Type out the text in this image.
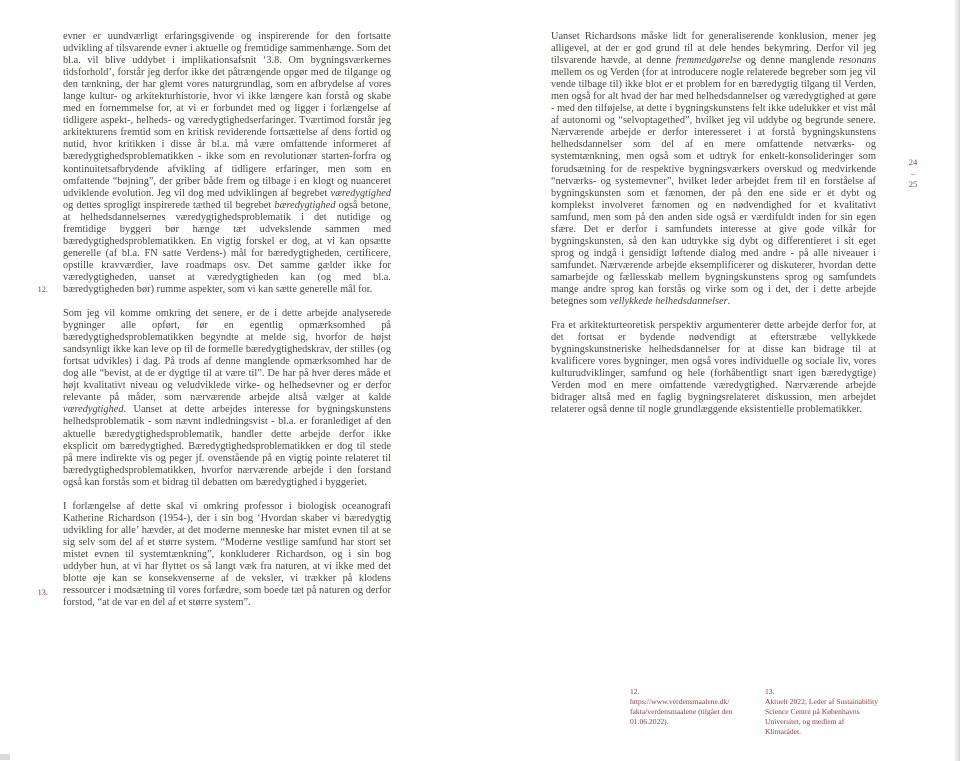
12.
13.
evner er uundværligt erfaringsgivende og inspirerende for den fortsatte udvikling af tilsvarende evner i aktuelle og fremtidige sammenhænge. Som det bl.a. vil blive uddybet i implikationsafsnit ‘3.8. Om bygningsværkernes tidsforhold’, forstår jeg derfor ikke det påtrængende opgør med de tilgange og den tænkning, der har glemt vores naturgrundlag, som en afbrydelse af vores lange kultur- og arkitekturhistorie, hvor vi ikke længere kan forstå og skabe med en fornemmelse for, at vi er forbundet med og ligger i forlængelse af tidligere aspekt-, helheds- og væredygtighedserfaringer. Tværtimod forstår jeg arkitekturens fremtid som en kritisk reviderende fortsættelse af dens fortid og nutid, hvor kritikken i disse år bl.a. må være omfattende informeret af bæredygtighedsproblematikken - ikke som en revolutionær starten-forfra og kontinuitetsafbrydende afvikling af tidligere erfaringer, men som en omfattende “bøjning”, der griber både frem og tilbage i en klogt og nuanceret udviklende evolution. Jeg vil dog med udviklingen af begrebet væredygtighed og dettes sprogligt inspirerede tæthed til begrebet bæredygtighed også betone, at helhedsdannelsernes væredygtighedsproblematik i det nutidige og fremtidige byggeri bør hænge tæt udvekslende sammen med bæredygtighedsproblematikken. En vigtig forskel er dog, at vi kan opsætte generelle (af bl.a. FN satte Verdens-) mål for bæredygtigheden, certificere, opstille kravværdier, lave roadmaps osv. Det samme gælder ikke for væredygtigheden, uanset at væredygtigheden kan (og med bl.a. bæredygtigheden bør) rumme aspekter, som vi kan sætte generelle mål for.
Som jeg vil komme omkring det senere, er de i dette arbejde analyserede bygninger alle opført, før en egentlig opmærksomhed på bæredygtighedsproblematikken begyndte at melde sig, hvorfor de højst sandsynligt ikke kan leve op til de formelle bæredygtighedskrav, der stilles (og fortsat udvikles) i dag. På trods af denne manglende opmærksomhed har de dog alle “bevist, at de er dygtige til at være til”. De har på hver deres måde et højt kvalitativt niveau og veludviklede virke- og helhedsevner og er derfor relevante på måder, som nærværende arbejde altså vælger at kalde væredygtighed. Uanset at dette arbejdes interesse for bygningskunstens helhedsproblematik - som nævnt indledningsvist - bl.a. er foranlediget af den aktuelle bæredygtighedsproblematik, handler dette arbejde derfor ikke eksplicit om bæredygtighed. Bæredygtighedsproblematikken er dog til stede på mere indirekte vis og peger jf. ovenstående på en vigtig pointe relateret til bæredygtighedsproblematikken, hvorfor nærværende arbejde i den forstand også kan forstås som et bidrag til debatten om bæredygtighed i byggeriet.
I forlængelse af dette skal vi omkring professor i biologisk oceanografi Katherine Richardson (1954-), der i sin bog ‘Hvordan skaber vi bæredygtig udvikling for alle’ hævder, at det moderne menneske har mistet evnen til at se sig selv som del af et større system. “Moderne vestlige samfund har stort set mistet evnen til systemtænkning”, konkluderer Richardson, og i sin bog uddyber hun, at vi har flyttet os så langt væk fra naturen, at vi ikke med det blotte øje kan se konsekvenserne af de veksler, vi trækker på klodens ressourcer i modsætning til vores forfædre, som boede tæt på naturen og derfor forstod, “at de var en del af et større system”.
Uanset Richardsons måske lidt for generaliserende konklusion, mener jeg alligevel, at der er god grund til at dele hendes bekymring. Derfor vil jeg tilsvarende hævde, at denne fremmedgørelse og denne manglende resonans mellem os og Verden (for at introducere nogle relaterede begreber som jeg vil vende tilbage til) ikke blot er et problem for en bæredygtig tilgang til Verden, men også for alt hvad der har med helhedsdannelser og væredygtighed at gøre - med den tilføjelse, at dette i bygningskunstens felt ikke udelukker et vist mål af autonomi og “selvoptagethed”, hvilket jeg vil uddybe og begrunde senere. Nærværende arbejde er derfor interesseret i at forstå bygningskunstens helhedsdannelser som del af en mere omfattende netværks- og systemtænkning, men også som et udtryk for enkelt-konsolideringer som forudsætning for de respektive bygningsværkers overskud og medvirkende “netværks- og systemevner”, hvilket leder arbejdet frem til en forståelse af bygningskunsten som et fænomen, der på den ene side er et dybt og komplekst involveret fænomen og en nødvendighed for et kvalitativt samfund, men som på den anden side også er værdifuldt inden for sin egen sfære. Det er derfor i samfundets interesse at give gode vilkår for bygningskunsten, så den kan udtrykke sig dybt og differentieret i sit eget sprog og indgå i gensidigt løftende dialog med andre - på alle niveauer i samfundet. Nærværende arbejde eksemplificerer og diskuterer, hvordan dette samarbejde og fællesskab mellem bygningskunstens sprog og samfundets mange andre sprog kan forstås og virke som og i det, der i dette arbejde betegnes som vellykkede helhedsdannelser.
Fra et arkitekturteoretisk perspektiv argumenterer dette arbejde derfor for, at det fortsat er bydende nødvendigt at efterstræbe vellykkede bygningskunstneriske helhedsdannelser for at disse kan bidrage til at kvalificere vores bygninger, men også vores individuelle og sociale liv, vores kulturudviklinger, samfund og hele (forhåbentligt snart igen bæredygtige) Verden mod en mere omfattende væredygtighed. Nærværende arbejde bidrager altså med en faglig bygningsrelateret diskussion, men arbejdet relaterer også denne til nogle grundlæggende eksistentielle problematikker.
24
–
25
12.
https://www.verdensmaalene.dk/
fakta/verdensmaalene (tilgået den
01.06.2022).
13.
Aktuelt 2022; Leder af Sustainability
Science Centre på Københavns
Universitet, og medlem af
Klimarådet.
